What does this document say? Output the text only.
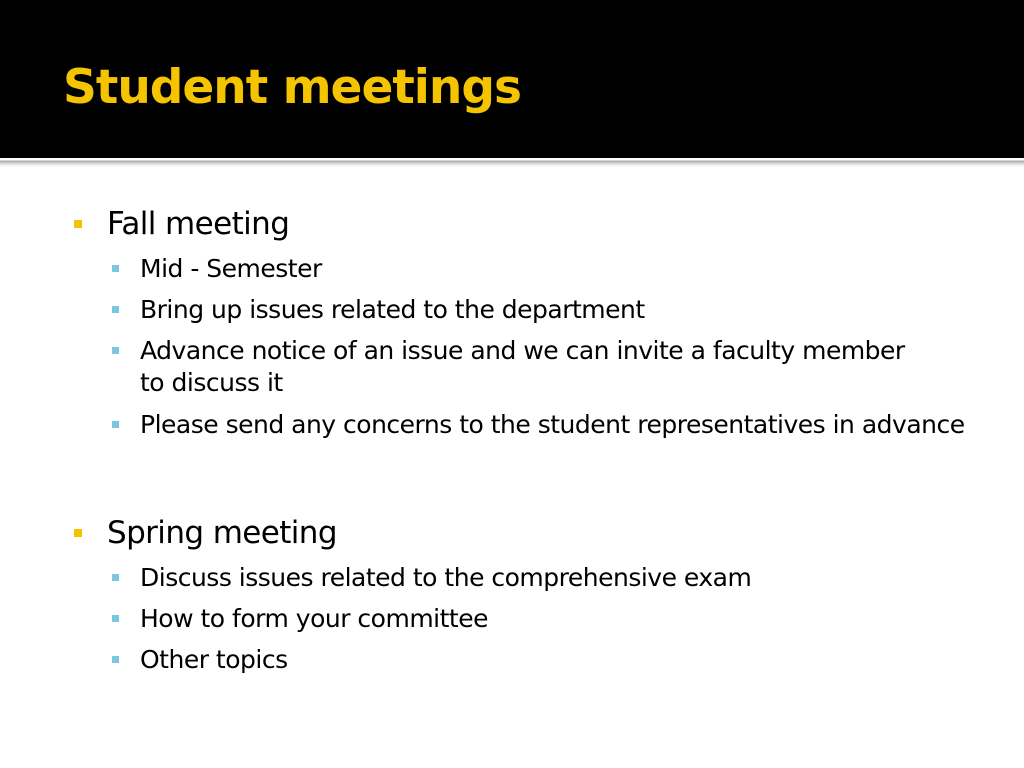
Student meetings
Fall meeting
Mid - Semester
Bring up issues related to the department
Advance notice of an issue and we can invite a faculty member to discuss it
Please send any concerns to the student representatives in advance
Spring meeting
Discuss issues related to the comprehensive exam
How to form your committee
Other topics
